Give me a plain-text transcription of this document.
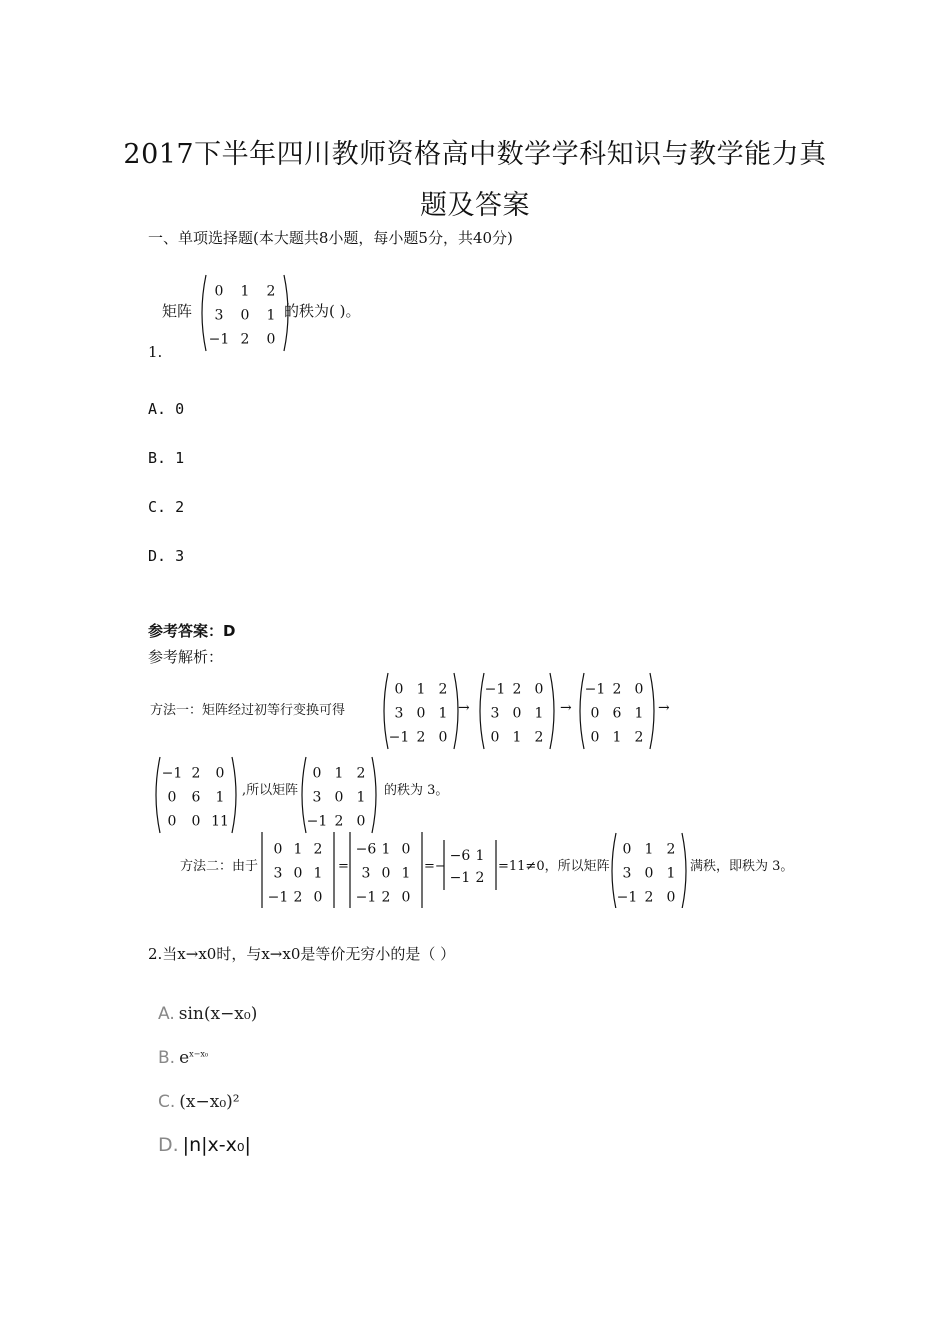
2017下半年四川教师资格高中数学学科知识与教学能力真
题及答案
一、单项选择题(本大题共8小题，每小题5分，共40分)
矩阵
0 1 2
3 0 1
−1 2 0
的秩为( )。
1.
A. 0
B. 1
C. 2
D. 3
参考答案：D
参考解析：
方法一：矩阵经过初等行变换可得
0 1 2
3 0 1
−1 2 0
→
−1 2 0
3 0 1
0 1 2
→
−1 2 0
0 6 1
0 1 2
→
−1 2 0
0 6 1
0 0 11
,所以矩阵
0 1 2
3 0 1
−1 2 0
的秩为 3。
方法二：由于
0 1 2
3 0 1
−1 2 0
=
−6 1 0
3 0 1
−1 2 0
=−
−6 1
−1 2
=11≠0，所以矩阵
0 1 2
3 0 1
−1 2 0
满秩，即秩为 3。
2.当x→x0时，与x→x0是等价无穷小的是（ ）
A. sin(x−x₀)
B. $e^{x-x_0}$
C. (x−x₀)²
D. |n|x-x₀|
